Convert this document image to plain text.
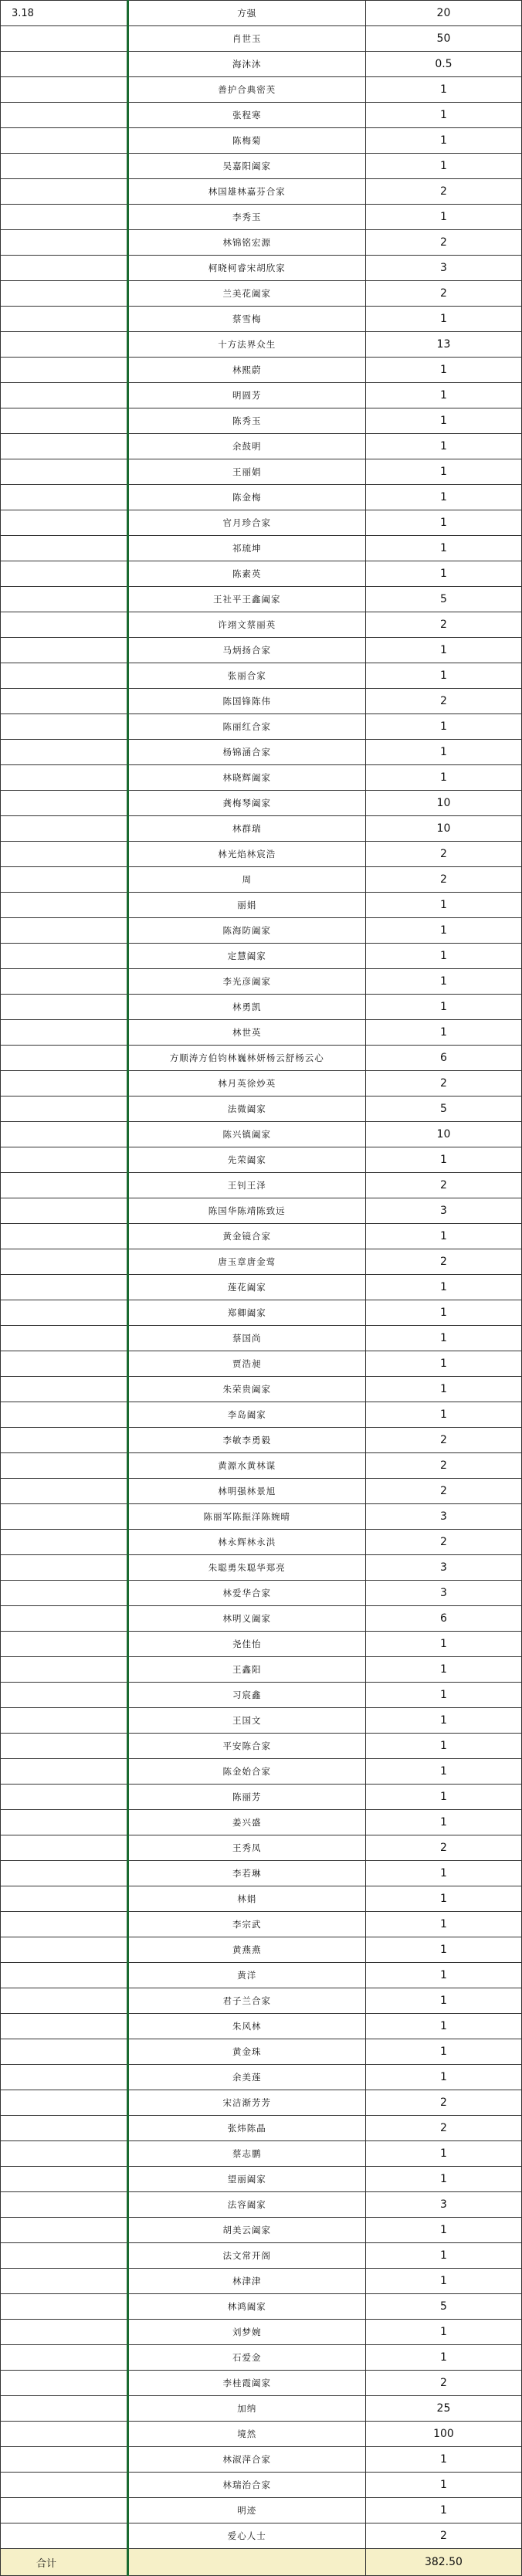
3.18	方强	20
	肖世玉	50
	海沐沐	0.5
	善护合典密芙	1
	张程寒	1
	陈梅菊	1
	吴嘉阳阖家	1
	林国雄林嘉芬合家	2
	李秀玉	1
	林锦铭宏源	2
	柯晓柯睿宋胡欣家	3
	兰美花阖家	2
	蔡雪梅	1
	十方法界众生	13
	林熙蔚	1
	明圆芳	1
	陈秀玉	1
	余鼓明	1
	王丽娟	1
	陈金梅	1
	官月珍合家	1
	祁琉坤	1
	陈素英	1
	王社平王鑫阖家	5
	许翊文蔡丽英	2
	马炳扬合家	1
	张丽合家	1
	陈国锋陈伟	2
	陈丽红合家	1
	杨锦涵合家	1
	林晓辉阖家	1
	龚梅琴阖家	10
	林群瑞	10
	林光焰林宸浩	2
	周	2
	丽娟	1
	陈海防阖家	1
	定慧阖家	1
	李光彦阖家	1
	林勇凯	1
	林世英	1
	方顺涛方伯钧林巍林妍杨云舒杨云心	6
	林月英徐炒英	2
	法微阖家	5
	陈兴镇阖家	10
	先荣阖家	1
	王钊王泽	2
	陈国华陈靖陈致远	3
	黄金镜合家	1
	唐玉章唐金莺	2
	莲花阖家	1
	郑卿阖家	1
	蔡国尚	1
	贾浩昶	1
	朱荣贵阖家	1
	李岛阖家	1
	李敏李勇毅	2
	黄源水黄林谋	2
	林明强林景旭	2
	陈丽军陈振洋陈婉晴	3
	林永辉林永洪	2
	朱聪勇朱聪华郑亮	3
	林爱华合家	3
	林明义阖家	6
	尧佳怡	1
	王鑫阳	1
	习宸鑫	1
	王国文	1
	平安陈合家	1
	陈金始合家	1
	陈丽芳	1
	姜兴盛	1
	王秀凤	2
	李若琳	1
	林娟	1
	李宗武	1
	黄燕燕	1
	黄洋	1
	君子兰合家	1
	朱风林	1
	黄金珠	1
	余美莲	1
	宋洁渐芳芳	2
	张炜陈晶	2
	蔡志鹏	1
	望丽阖家	1
	法容阖家	3
	胡美云阖家	1
	法文常开阁	1
	林津津	1
	林鸿阖家	5
	刘梦婉	1
	石爱金	1
	李桂霞阖家	2
	加纳	25
	境然	100
	林淑萍合家	1
	林瑞治合家	1
	明迹	1
	爱心人士	2
合计		382.50
